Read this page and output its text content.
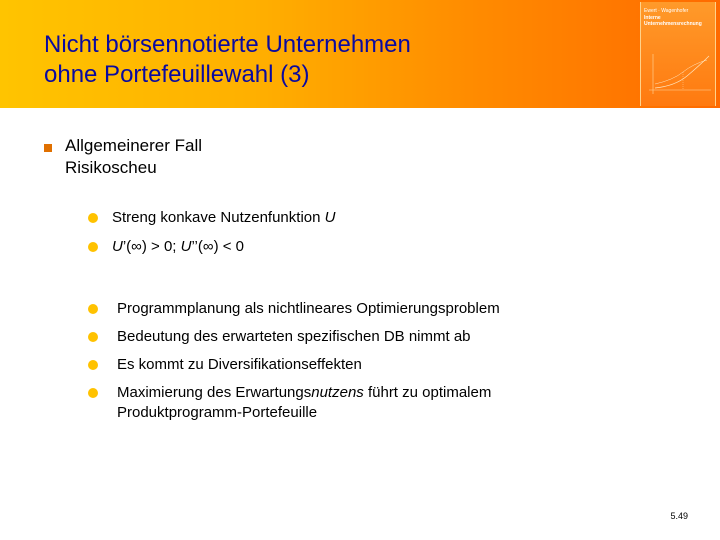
Nicht börsennotierte Unternehmen
ohne Portefeuillewahl (3)
Ewert · Wagenhofer
Interne
Unternehmensrechnung
Allgemeinerer Fall
Risikoscheu
Streng konkave Nutzenfunktion U
U’(∞) > 0; U’’(∞) < 0
Programmplanung als nichtlineares Optimierungsproblem
Bedeutung des erwarteten spezifischen DB nimmt ab
Es kommt zu Diversifikationseffekten
Maximierung des Erwartungsnutzens führt zu optimalem
Produktprogramm-Portefeuille
5.49
